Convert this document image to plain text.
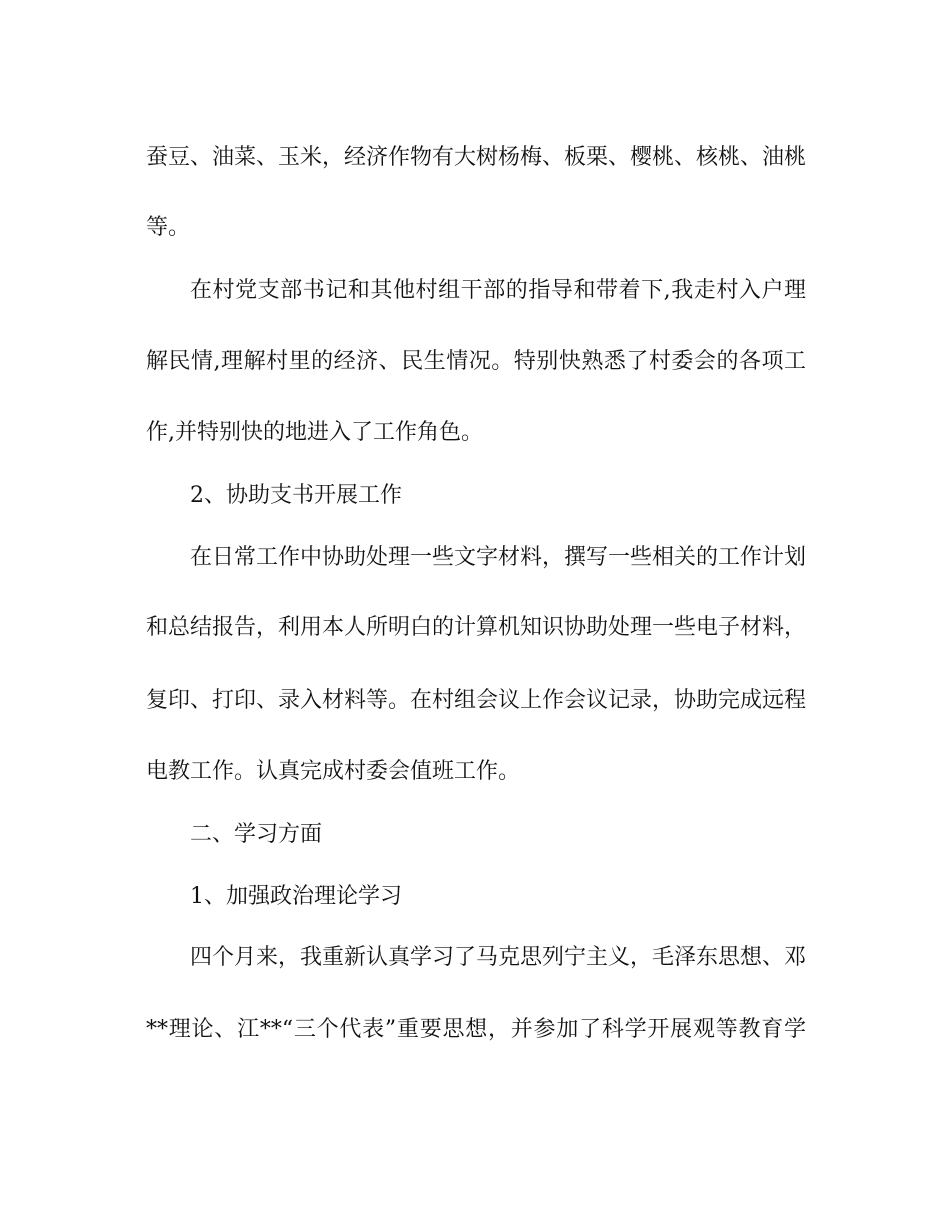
蚕豆、油菜、玉米，经济作物有大树杨梅、板栗、樱桃、核桃、油桃
等。
在村党支部书记和其他村组干部的指导和带着下,我走村入户理
解民情,理解村里的经济、民生情况。特别快熟悉了村委会的各项工
作,并特别快的地进入了工作角色。
2、协助支书开展工作
在日常工作中协助处理一些文字材料，撰写一些相关的工作计划
和总结报告，利用本人所明白的计算机知识协助处理一些电子材料，
复印、打印、录入材料等。在村组会议上作会议记录，协助完成远程
电教工作。认真完成村委会值班工作。
二、学习方面
1、加强政治理论学习
四个月来，我重新认真学习了马克思列宁主义，毛泽东思想、邓
**理论、江**“三个代表”重要思想，并参加了科学开展观等教育学
